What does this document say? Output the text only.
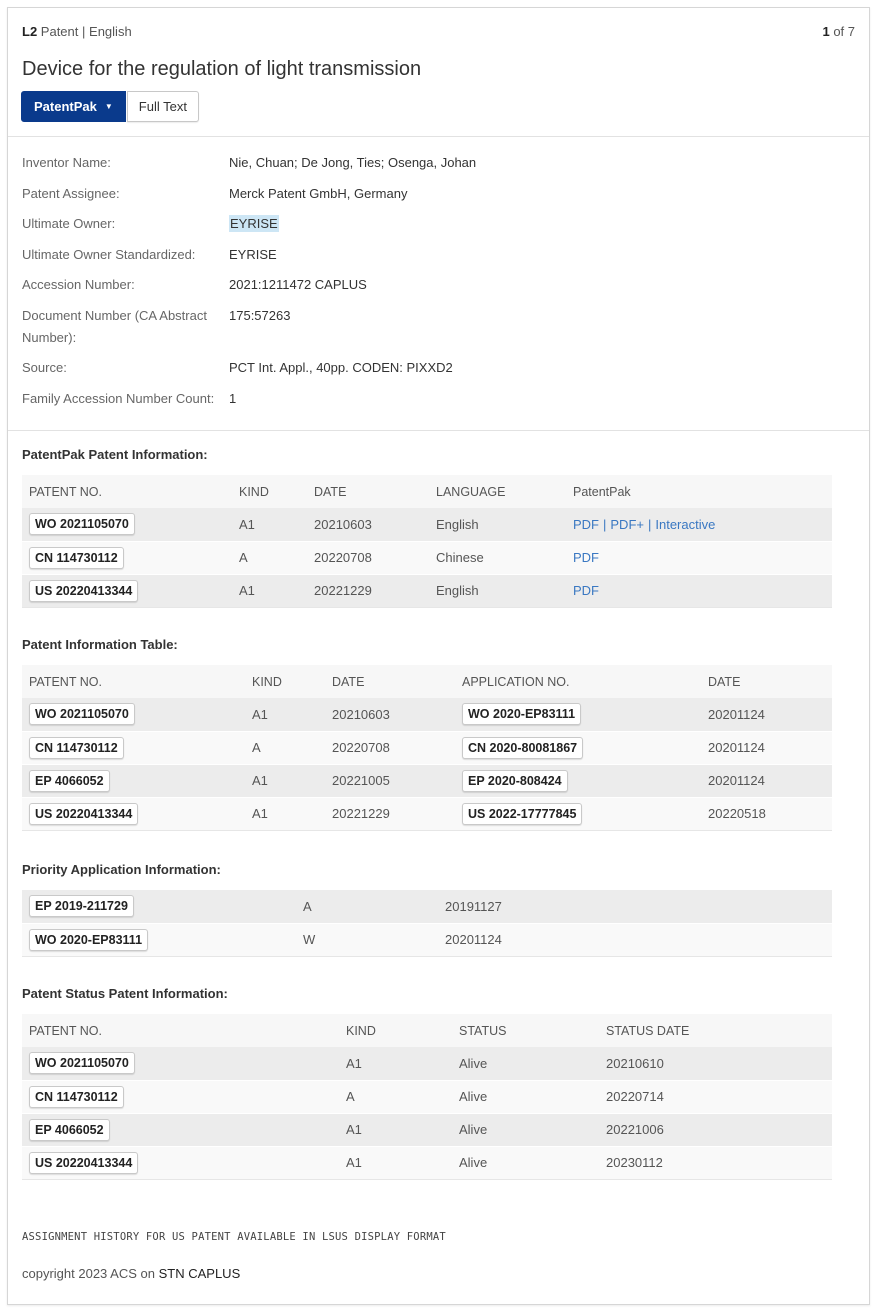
L2 Patent | English	1 of 7
Device for the regulation of light transmission
PatentPak ▼	Full Text
Inventor Name:	Nie, Chuan; De Jong, Ties; Osenga, Johan
Patent Assignee:	Merck Patent GmbH, Germany
Ultimate Owner:	EYRISE
Ultimate Owner Standardized:	EYRISE
Accession Number:	2021:1211472 CAPLUS
Document Number (CA Abstract Number):
175:57263
Source:	PCT Int. Appl., 40pp. CODEN: PIXXD2
Family Accession Number Count:	1
PatentPak Patent Information:
PATENT NO.	KIND	DATE	LANGUAGE	PatentPak
WO 2021105070	A1	20210603	English	PDF | PDF+ | Interactive
CN 114730112	A	20220708	Chinese	PDF
US 20220413344	A1	20221229	English	PDF
Patent Information Table:
PATENT NO.	KIND	DATE	APPLICATION NO.	DATE
WO 2021105070	A1	20210603	WO 2020-EP83111	20201124
CN 114730112	A	20220708	CN 2020-80081867	20201124
EP 4066052	A1	20221005	EP 2020-808424	20201124
US 20220413344	A1	20221229	US 2022-17777845	20220518
Priority Application Information:
EP 2019-211729	A	20191127
WO 2020-EP83111	W	20201124
Patent Status Patent Information:
PATENT NO.	KIND	STATUS	STATUS DATE
WO 2021105070	A1	Alive	20210610
CN 114730112	A	Alive	20220714
EP 4066052	A1	Alive	20221006
US 20220413344	A1	Alive	20230112
ASSIGNMENT HISTORY FOR US PATENT AVAILABLE IN LSUS DISPLAY FORMAT
copyright 2023 ACS on STN CAPLUS
